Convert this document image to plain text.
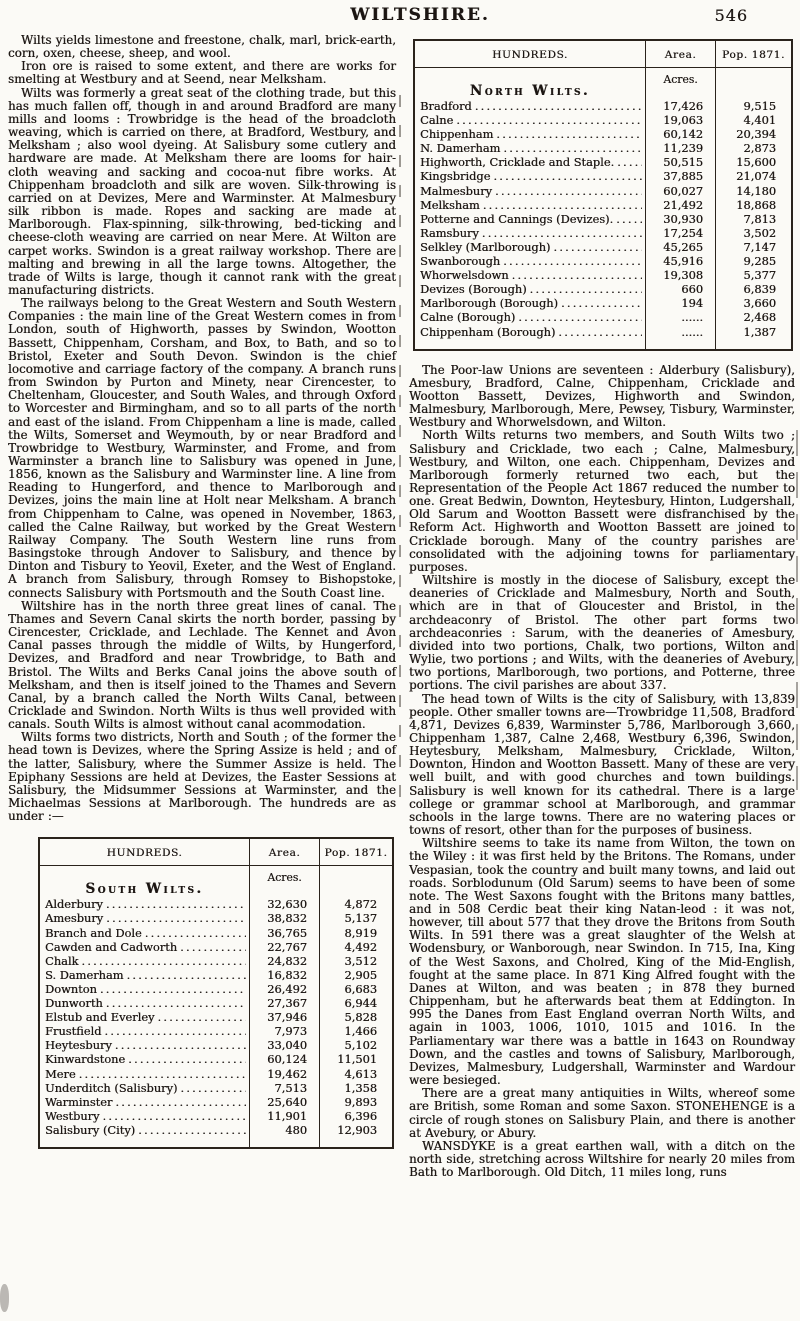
WILTSHIRE.	546

Wilts yields limestone and freestone, chalk, marl, brick-earth, corn, oxen, cheese, sheep, and wool.

Iron ore is raised to some extent, and there are works for smelting at Westbury and at Seend, near Melksham.

Wilts was formerly a great seat of the clothing trade, but this has much fallen off, though in and around Bradford are many mills and looms : Trowbridge is the head of the broadcloth weaving, which is carried on there, at Bradford, Westbury, and Melksham ; also wool dyeing. At Salisbury some cutlery and hardware are made. At Melksham there are looms for hair-cloth weaving and sacking and cocoa-nut fibre works. At Chippenham broadcloth and silk are woven. Silk-throwing is carried on at Devizes, Mere and Warminster. At Malmesbury silk ribbon is made. Ropes and sacking are made at Marlborough. Flax-spinning, silk-throwing, bed-ticking and cheese-cloth weaving are carried on near Mere. At Wilton are carpet works. Swindon is a great railway workshop. There are malting and brewing in all the large towns. Altogether, the trade of Wilts is large, though it cannot rank with the great manufacturing districts.

The railways belong to the Great Western and South Western Companies : the main line of the Great Western comes in from London, south of Highworth, passes by Swindon, Wootton Bassett, Chippenham, Corsham, and Box, to Bath, and so to Bristol, Exeter and South Devon. Swindon is the chief locomotive and carriage factory of the company. A branch runs from Swindon by Purton and Minety, near Cirencester, to Cheltenham, Gloucester, and South Wales, and through Oxford to Worcester and Birmingham, and so to all parts of the north and east of the island. From Chippenham a line is made, called the Wilts, Somerset and Weymouth, by or near Bradford and Trowbridge to Westbury, Warminster, and Frome, and from Warminster a branch line to Salisbury was opened in June, 1856, known as the Salisbury and Warminster line. A line from Reading to Hungerford, and thence to Marlborough and Devizes, joins the main line at Holt near Melksham. A branch from Chippenham to Calne, was opened in November, 1863, called the Calne Railway, but worked by the Great Western Railway Company. The South Western line runs from Basingstoke through Andover to Salisbury, and thence by Dinton and Tisbury to Yeovil, Exeter, and the West of England. A branch from Salisbury, through Romsey to Bishopstoke, connects Salisbury with Portsmouth and the South Coast line.

Wiltshire has in the north three great lines of canal. The Thames and Severn Canal skirts the north border, passing by Cirencester, Cricklade, and Lechlade. The Kennet and Avon Canal passes through the middle of Wilts, by Hungerford, Devizes, and Bradford and near Trowbridge, to Bath and Bristol. The Wilts and Berks Canal joins the above south of Melksham, and then is itself joined to the Thames and Severn Canal, by a branch called the North Wilts Canal, between Cricklade and Swindon. North Wilts is thus well provided with canals. South Wilts is almost without canal acommodation.

Wilts forms two districts, North and South ; of the former the head town is Devizes, where the Spring Assize is held ; and of the latter, Salisbury, where the Summer Assize is held. The Epiphany Sessions are held at Devizes, the Easter Sessions at Salisbury, the Midsummer Sessions at Warminster, and the Michaelmas Sessions at Marlborough. The hundreds are as under :—

HUNDREDS.	Area.	Pop. 1871.
South Wilts.
Acres.
Alderbury .....	32,630	4,872
Amesbury .....	38,832	5,137
Branch and Dole .....	36,765	8,919
Cawden and Cadworth .....	22,767	4,492
Chalk .....	24,832	3,512
S. Damerham .....	16,832	2,905
Downton .....	26,492	6,683
Dunworth .....	27,367	6,944
Elstub and Everley .....	37,946	5,828
Frustfield .....	7,973	1,466
Heytesbury .....	33,040	5,102
Kinwardstone .....	60,124	11,501
Mere .....	19,462	4,613
Underditch (Salisbury) .....	7,513	1,358
Warminster .....	25,640	9,893
Westbury .....	11,901	6,396
Salisbury (City) .....	480	12,903
HUNDREDS.	Area.	Pop. 1871.
North Wilts.
Acres.
Bradford .....	17,426	9,515
Calne .....	19,063	4,401
Chippenham .....	60,142	20,394
N. Damerham .....	11,239	2,873
Highworth, Cricklade and Staple. .....	50,515	15,600
Kingsbridge .....	37,885	21,074
Malmesbury .....	60,027	14,180
Melksham .....	21,492	18,868
Potterne and Cannings (Devizes). .....	30,930	7,813
Ramsbury .....	17,254	3,502
Selkley (Marlborough) .....	45,265	7,147
Swanborough .....	45,916	9,285
Whorwelsdown .....	19,308	5,377
Devizes (Borough) .....	660	6,839
Marlborough (Borough) .....	194	3,660
Calne (Borough) .....	......	2,468
Chippenham (Borough) .....	......	1,387

The Poor-law Unions are seventeen : Alderbury (Salisbury), Amesbury, Bradford, Calne, Chippenham, Cricklade and Wootton Bassett, Devizes, Highworth and Swindon, Malmesbury, Marlborough, Mere, Pewsey, Tisbury, Warminster, Westbury and Whorwelsdown, and Wilton.

North Wilts returns two members, and South Wilts two ; Salisbury and Cricklade, two each ; Calne, Malmesbury, Westbury, and Wilton, one each. Chippenham, Devizes and Marlborough formerly returned two each, but the Representation of the People Act 1867 reduced the number to one. Great Bedwin, Downton, Heytesbury, Hinton, Ludgershall, Old Sarum and Wootton Bassett were disfranchised by the Reform Act. Highworth and Wootton Bassett are joined to Cricklade borough. Many of the country parishes are consolidated with the adjoining towns for parliamentary purposes.

Wiltshire is mostly in the diocese of Salisbury, except the deaneries of Cricklade and Malmesbury, North and South, which are in that of Gloucester and Bristol, in the archdeaconry of Bristol. The other part forms two archdeaconries : Sarum, with the deaneries of Amesbury, divided into two portions, Chalk, two portions, Wilton and Wylie, two portions ; and Wilts, with the deaneries of Avebury, two portions, Marlborough, two portions, and Potterne, three portions. The civil parishes are about 337.

The head town of Wilts is the city of Salisbury, with 13,839 people. Other smaller towns are—Trowbridge 11,508, Bradford 4,871, Devizes 6,839, Warminster 5,786, Marlborough 3,660, Chippenham 1,387, Calne 2,468, Westbury 6,396, Swindon, Heytesbury, Melksham, Malmesbury, Cricklade, Wilton, Downton, Hindon and Wootton Bassett. Many of these are very well built, and with good churches and town buildings. Salisbury is well known for its cathedral. There is a large college or grammar school at Marlborough, and grammar schools in the large towns. There are no watering places or towns of resort, other than for the purposes of business.

Wiltshire seems to take its name from Wilton, the town on the Wiley : it was first held by the Britons. The Romans, under Vespasian, took the country and built many towns, and laid out roads. Sorblodunum (Old Sarum) seems to have been of some note. The West Saxons fought with the Britons many battles, and in 508 Cerdic beat their king Natan-leod : it was not, however, till about 577 that they drove the Britons from South Wilts. In 591 there was a great slaughter of the Welsh at Wodensbury, or Wanborough, near Swindon. In 715, Ina, King of the West Saxons, and Cholred, King of the Mid-English, fought at the same place. In 871 King Alfred fought with the Danes at Wilton, and was beaten ; in 878 they burned Chippenham, but he afterwards beat them at Eddington. In 995 the Danes from East England overran North Wilts, and again in 1003, 1006, 1010, 1015 and 1016. In the Parliamentary war there was a battle in 1643 on Roundway Down, and the castles and towns of Salisbury, Marlborough, Devizes, Malmesbury, Ludgershall, Warminster and Wardour were besieged.

There are a great many antiquities in Wilts, whereof some are British, some Roman and some Saxon. STONEHENGE is a circle of rough stones on Salisbury Plain, and there is another at Avebury, or Abury.

WANSDYKE is a great earthen wall, with a ditch on the north side, stretching across Wiltshire for nearly 20 miles from Bath to Marlborough. Old Ditch, 11 miles long, runs
